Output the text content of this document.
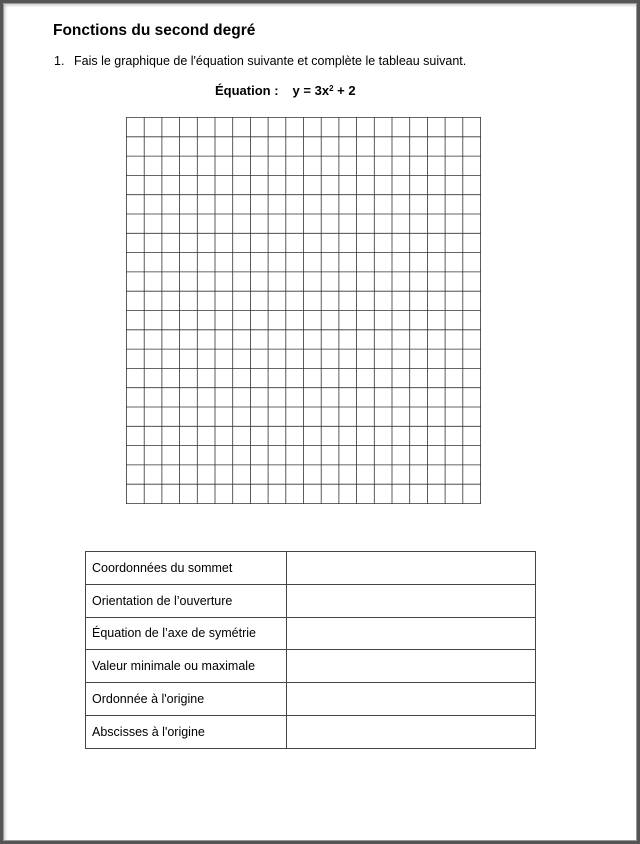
Fonctions du second degré

1. Fais le graphique de l'équation suivante et complète le tableau suivant.

Équation : $y = 3x^2 + 2$

Coordonnées du sommet	
Orientation de l’ouverture	
Équation de l’axe de symétrie	
Valeur minimale ou maximale	
Ordonnée à l'origine	
Abscisses à l'origine	
